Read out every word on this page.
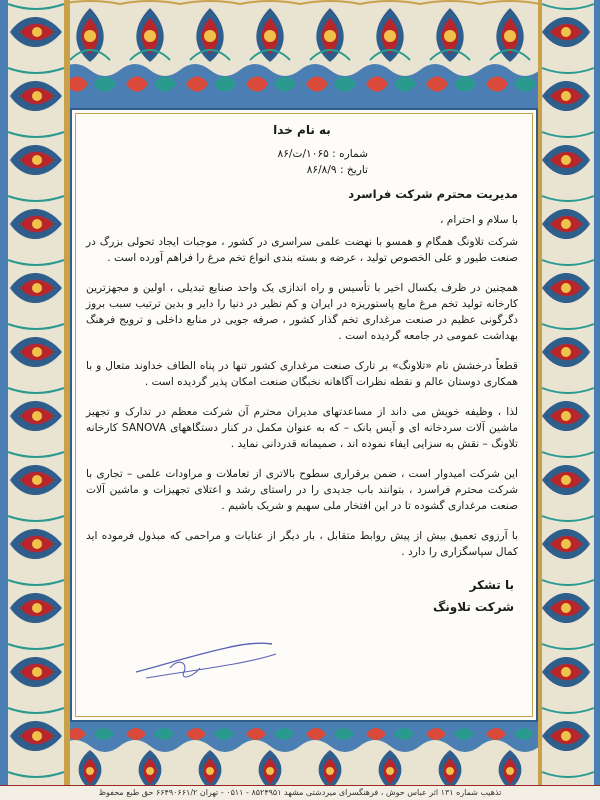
به نام خدا
شماره : ۱۰۶۵/ت/۸۶
تاریخ : ۸۶/۸/۹
مدیریت محترم شرکت فراسرد
با سلام و احترام ،

شرکت تلاونگ همگام و همسو با نهضت علمی سراسری در کشور ، موجبات ایجاد تحولی بزرگ در صنعت طیور و علی الخصوص تولید ، عرضه و بسته بندی انواع تخم مرغ را فراهم آورده است .

همچنین در ظرف یکسال اخیر با تأسیس و راه اندازی یک واحد صنایع تبدیلی ، اولین و مجهزترین کارخانه تولید تخم مرغ مایع پاستوریزه در ایران و کم نظیر در دنیا را دایر و بدین ترتیب سبب بروز دگرگونی عظیم در صنعت مرغداری تخم گذار کشور ، صرفه جویی در منابع داخلی و ترویج فرهنگ بهداشت عمومی در جامعه گردیده است .

قطعاً درخشش نام «تلاونگ» بر تارک صنعت مرغداری کشور تنها در پناه الطاف خداوند متعال و با همکاری دوستان عالم و نقطه نظرات آگاهانه نخبگان صنعت امکان پذیر گردیده است .

لذا ، وظیفه خویش می داند از مساعدتهای مدیران محترم آن شرکت معظم در تدارک و تجهیز ماشین آلات سردخانه ای و آیس بانک – که به عنوان مکمل در کنار دستگاههای SANOVA کارخانه تلاونگ – نقش به سزایی ایفاء نموده اند ، صمیمانه قدردانی نماید .

این شرکت امیدوار است ، ضمن برقراری سطوح بالاتری از تعاملات و مراودات علمی – تجاری با شرکت محترم فراسرد ، بتوانند باب جدیدی را در راستای رشد و اعتلای تجهیزات و ماشین آلات صنعت مرغداری گشوده تا در این افتخار ملی سهیم و شریک باشیم .

با آرزوی تعمیق بیش از پیش روابط متقابل ، بار دیگر از عنایات و مراحمی که مبذول فرموده اید کمال سپاسگزاری را دارد .

با تشکر
شرکت تلاونگ
تذهیب شماره ۱۳۱ اثر عباس حوش ، فرهنگسرای میردشتی مشهد ۸۵۲۴۹۵۱ - ۰۵۱۱ - تهران ۶۶۴۹۰۶۶۱/۲ حق طبع محفوظ
